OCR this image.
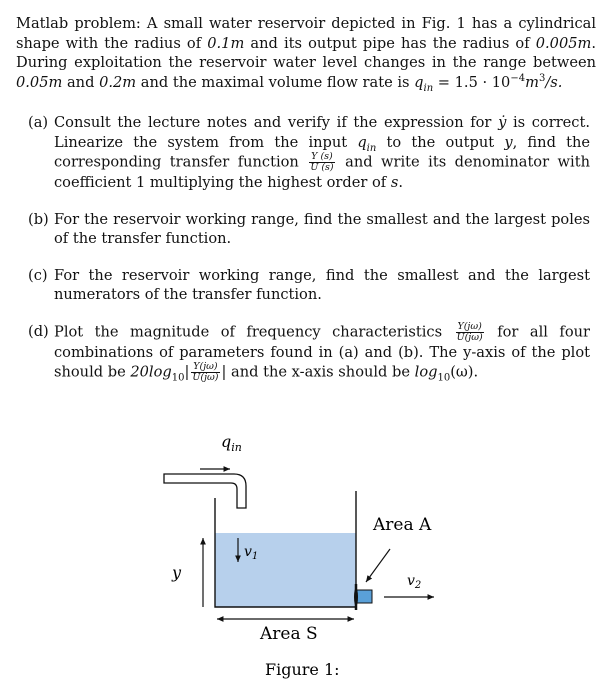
Matlab problem: A small water reservoir depicted in Fig. 1 has a cylindrical shape with the radius of 0.1m and its output pipe has the radius of 0.005m. During exploitation the reservoir water level changes in the range between 0.05m and 0.2m and the maximal volume flow rate is $q_{in} = 1.5 \cdot 10^{-4}m^3/s$.
(a) Consult the lecture notes and verify if the expression for ẏ is correct. Linearize the system from the input $q_{in}$ to the output y, find the corresponding transfer function $\frac{Y (s)}{U (s)}$ and write its denominator with coefficient 1 multiplying the highest order of s.
(b) For the reservoir working range, find the smallest and the largest poles of the transfer function.
(c) For the reservoir working range, find the smallest and the largest numerators of the transfer function.
(d) Plot the magnitude of frequency characteristics $\frac{Y(j\omega)}{U(j\omega)}$ for all four combinations of parameters found in (a) and (b). The y-axis of the plot should be $20\log_{10}| \frac{Y(j\omega)}{U(j\omega)}$ | and the x-axis should be $\log_{10}(\omega)$.
$q_{in}$
$v_1$
y
Area A
$v_2$
Area S
Figure 1:
